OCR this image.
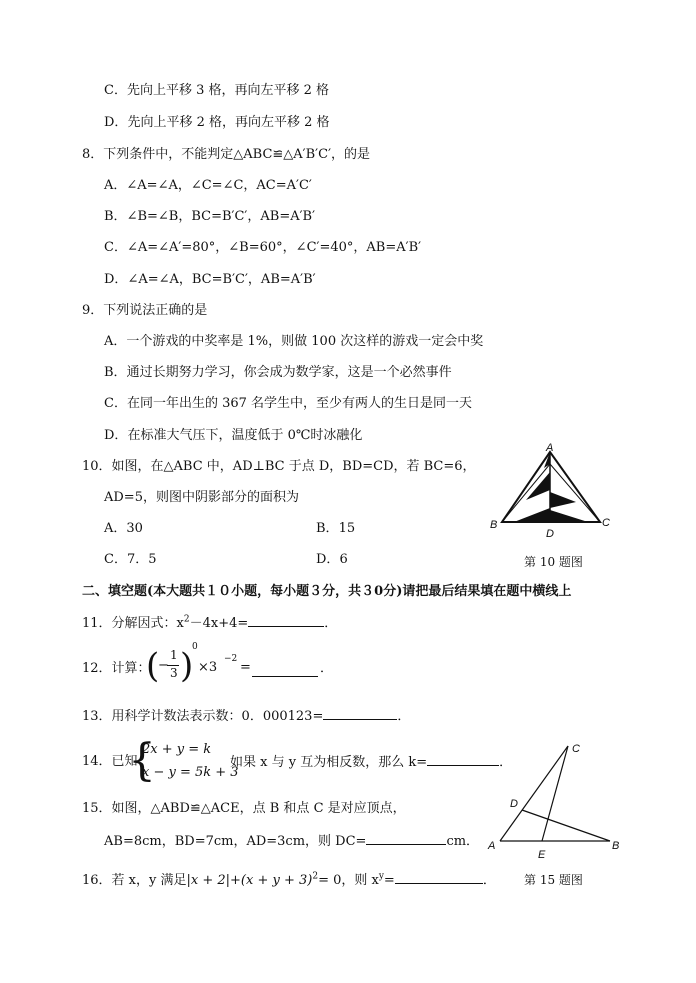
C．先向上平移 3 格，再向左平移 2 格
D．先向上平移 2 格，再向左平移 2 格
8．下列条件中，不能判定△ABC≌△A′B′C′，的是
A．∠A=∠A，∠C=∠C，AC=A′C′
B．∠B=∠B，BC=B′C′，AB=A′B′
C．∠A=∠A′=80°，∠B=60°，∠C′=40°，AB=A′B′
D．∠A=∠A，BC=B′C′，AB=A′B′
9．下列说法正确的是
A．一个游戏的中奖率是 1%，则做 100 次这样的游戏一定会中奖
B．通过长期努力学习，你会成为数学家，这是一个必然事件
C．在同一年出生的 367 名学生中，至少有两人的生日是同一天
D．在标准大气压下，温度低于 0℃时冰融化
10．如图，在△ABC 中，AD⊥BC 于点 D，BD=CD，若 BC=6，
AD=5，则图中阴影部分的面积为
A．30	B．15
C．7．5	D．6
A
B	C
D
第 10 题图
二、填空题(本大题共１０小题，每小题３分，共３0分)请把最后结果填在题中横线上
11．分解因式：$x^2-4x+4=$	．
12．计算：
(
−
1
3 )
0
×3
−2
=	．
13．用科学计数法表示数：0．000123=	．
14．已知
{
2x + y = k
x − y = 5k + 3
如果 x 与 y 互为相反数，那么 k=	．
15．如图，△ABD≌△ACE，点 B 和点 C 是对应顶点，
AB=8cm，BD=7cm，AD=3cm，则 DC=	cm．
C
D
A
E
B
第 15 题图
16．若 x，y 满足$|x + 2|+(x + y + 3)^2= 0$，则 $x^y=$	．
